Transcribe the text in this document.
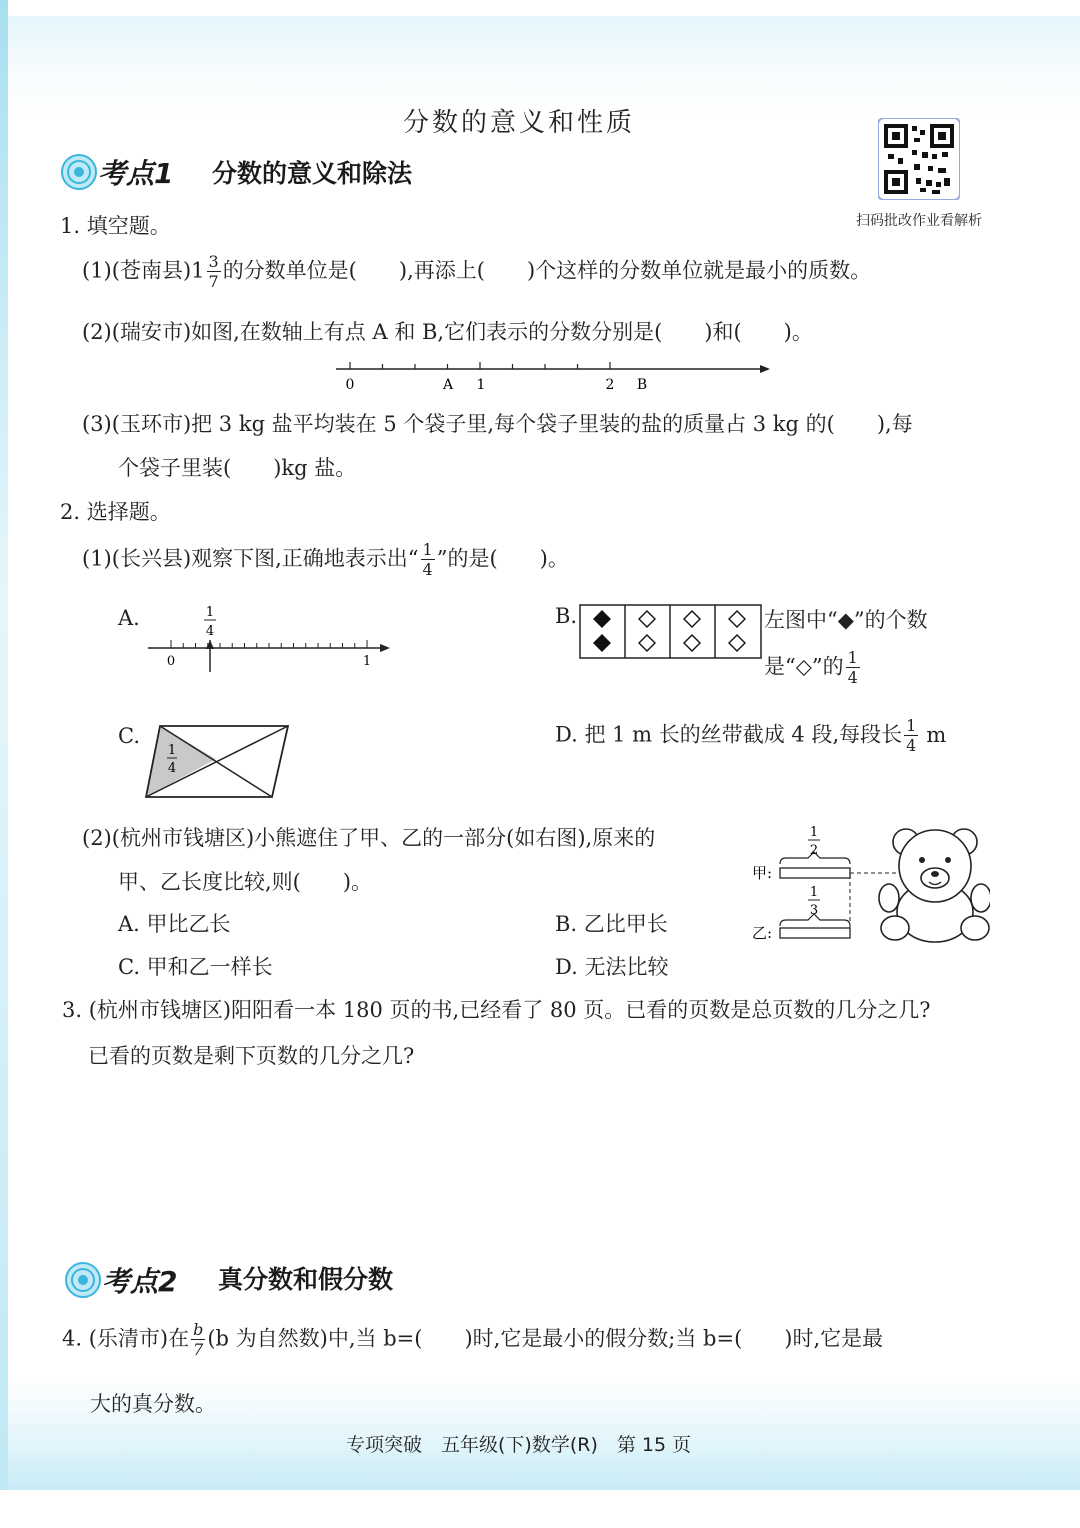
分数的意义和性质
扫码批改作业看解析
考点1 分数的意义和除法
1. 填空题。
(1)(苍南县)$1 \frac{3}{7}$ 的分数单位是(　　),再添上(　　)个这样的分数单位就是最小的质数。
(2)(瑞安市)如图,在数轴上有点 A 和 B,它们表示的分数分别是(　　)和(　　)。
0	A 1	2 B
(3)(玉环市)把 3 kg 盐平均装在 5 个袋子里,每个袋子里装的盐的质量占 3 kg 的(　　),每
个袋子里装(　　)kg 盐。
2. 选择题。
(1)(长兴县)观察下图,正确地表示出“ $\frac{1}{4}$ ”的是(　　)。
A.	1
4
0	1
B.	左图中“◆”的个数
是“◇”的 $\frac{1}{4}$
C.
1
4
D. 把 1 m 长的丝带截成 4 段,每段长 $\frac{1}{4}$ m
(2)(杭州市钱塘区)小熊遮住了甲、乙的一部分(如右图),原来的
甲、乙长度比较,则(　　)。
A. 甲比乙长	B. 乙比甲长
C. 甲和乙一样长	D. 无法比较
1
2
甲:
1
3
乙:
3. (杭州市钱塘区)阳阳看一本 180 页的书,已经看了 80 页。已看的页数是总页数的几分之几?
已看的页数是剩下页数的几分之几?
考点2 真分数和假分数
4. (乐清市)在 $\frac{b}{7} (b$ 为自然数)中,当 b=(　　)时,它是最小的假分数;当 b=(　　)时,它是最
大的真分数。
专项突破　五年级(下)数学(R)　第 15 页
